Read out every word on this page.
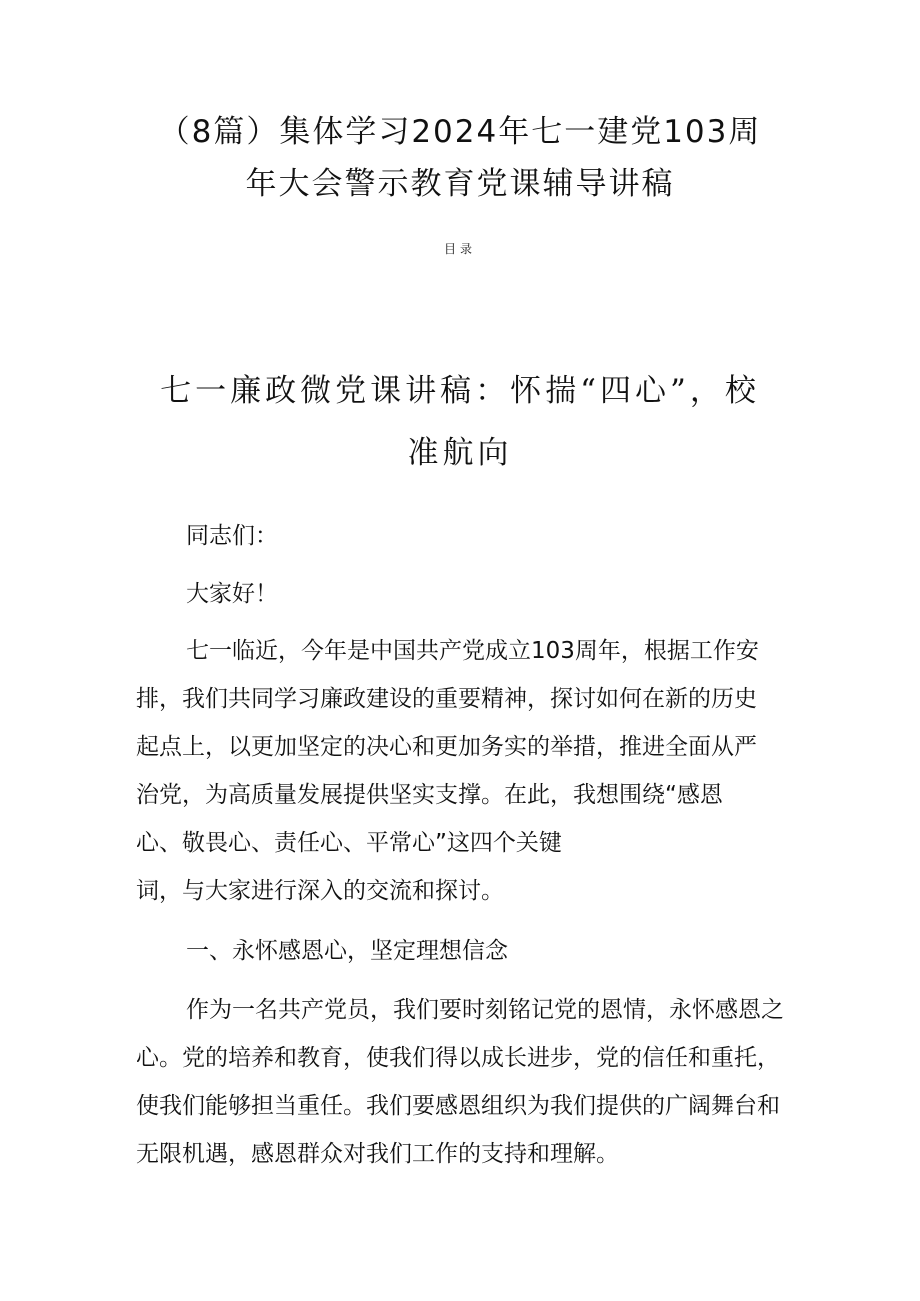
（8篇）集体学习2024年七一建党103周
年大会警示教育党课辅导讲稿
目录
七一廉政微党课讲稿：怀揣“四心”，校
准航向

同志们：

大家好！

七一临近，今年是中国共产党成立103周年，根据工作安
排，我们共同学习廉政建设的重要精神，探讨如何在新的历史
起点上，以更加坚定的决心和更加务实的举措，推进全面从严
治党，为高质量发展提供坚实支撑。在此，我想围绕“感恩
心、敬畏心、责任心、平常心”这四个关键

词，与大家进行深入的交流和探讨。

一、永怀感恩心，坚定理想信念

作为一名共产党员，我们要时刻铭记党的恩情，永怀感恩之
心。党的培养和教育，使我们得以成长进步，党的信任和重托，
使我们能够担当重任。我们要感恩组织为我们提供的广阔舞台和
无限机遇，感恩群众对我们工作的支持和理解。
